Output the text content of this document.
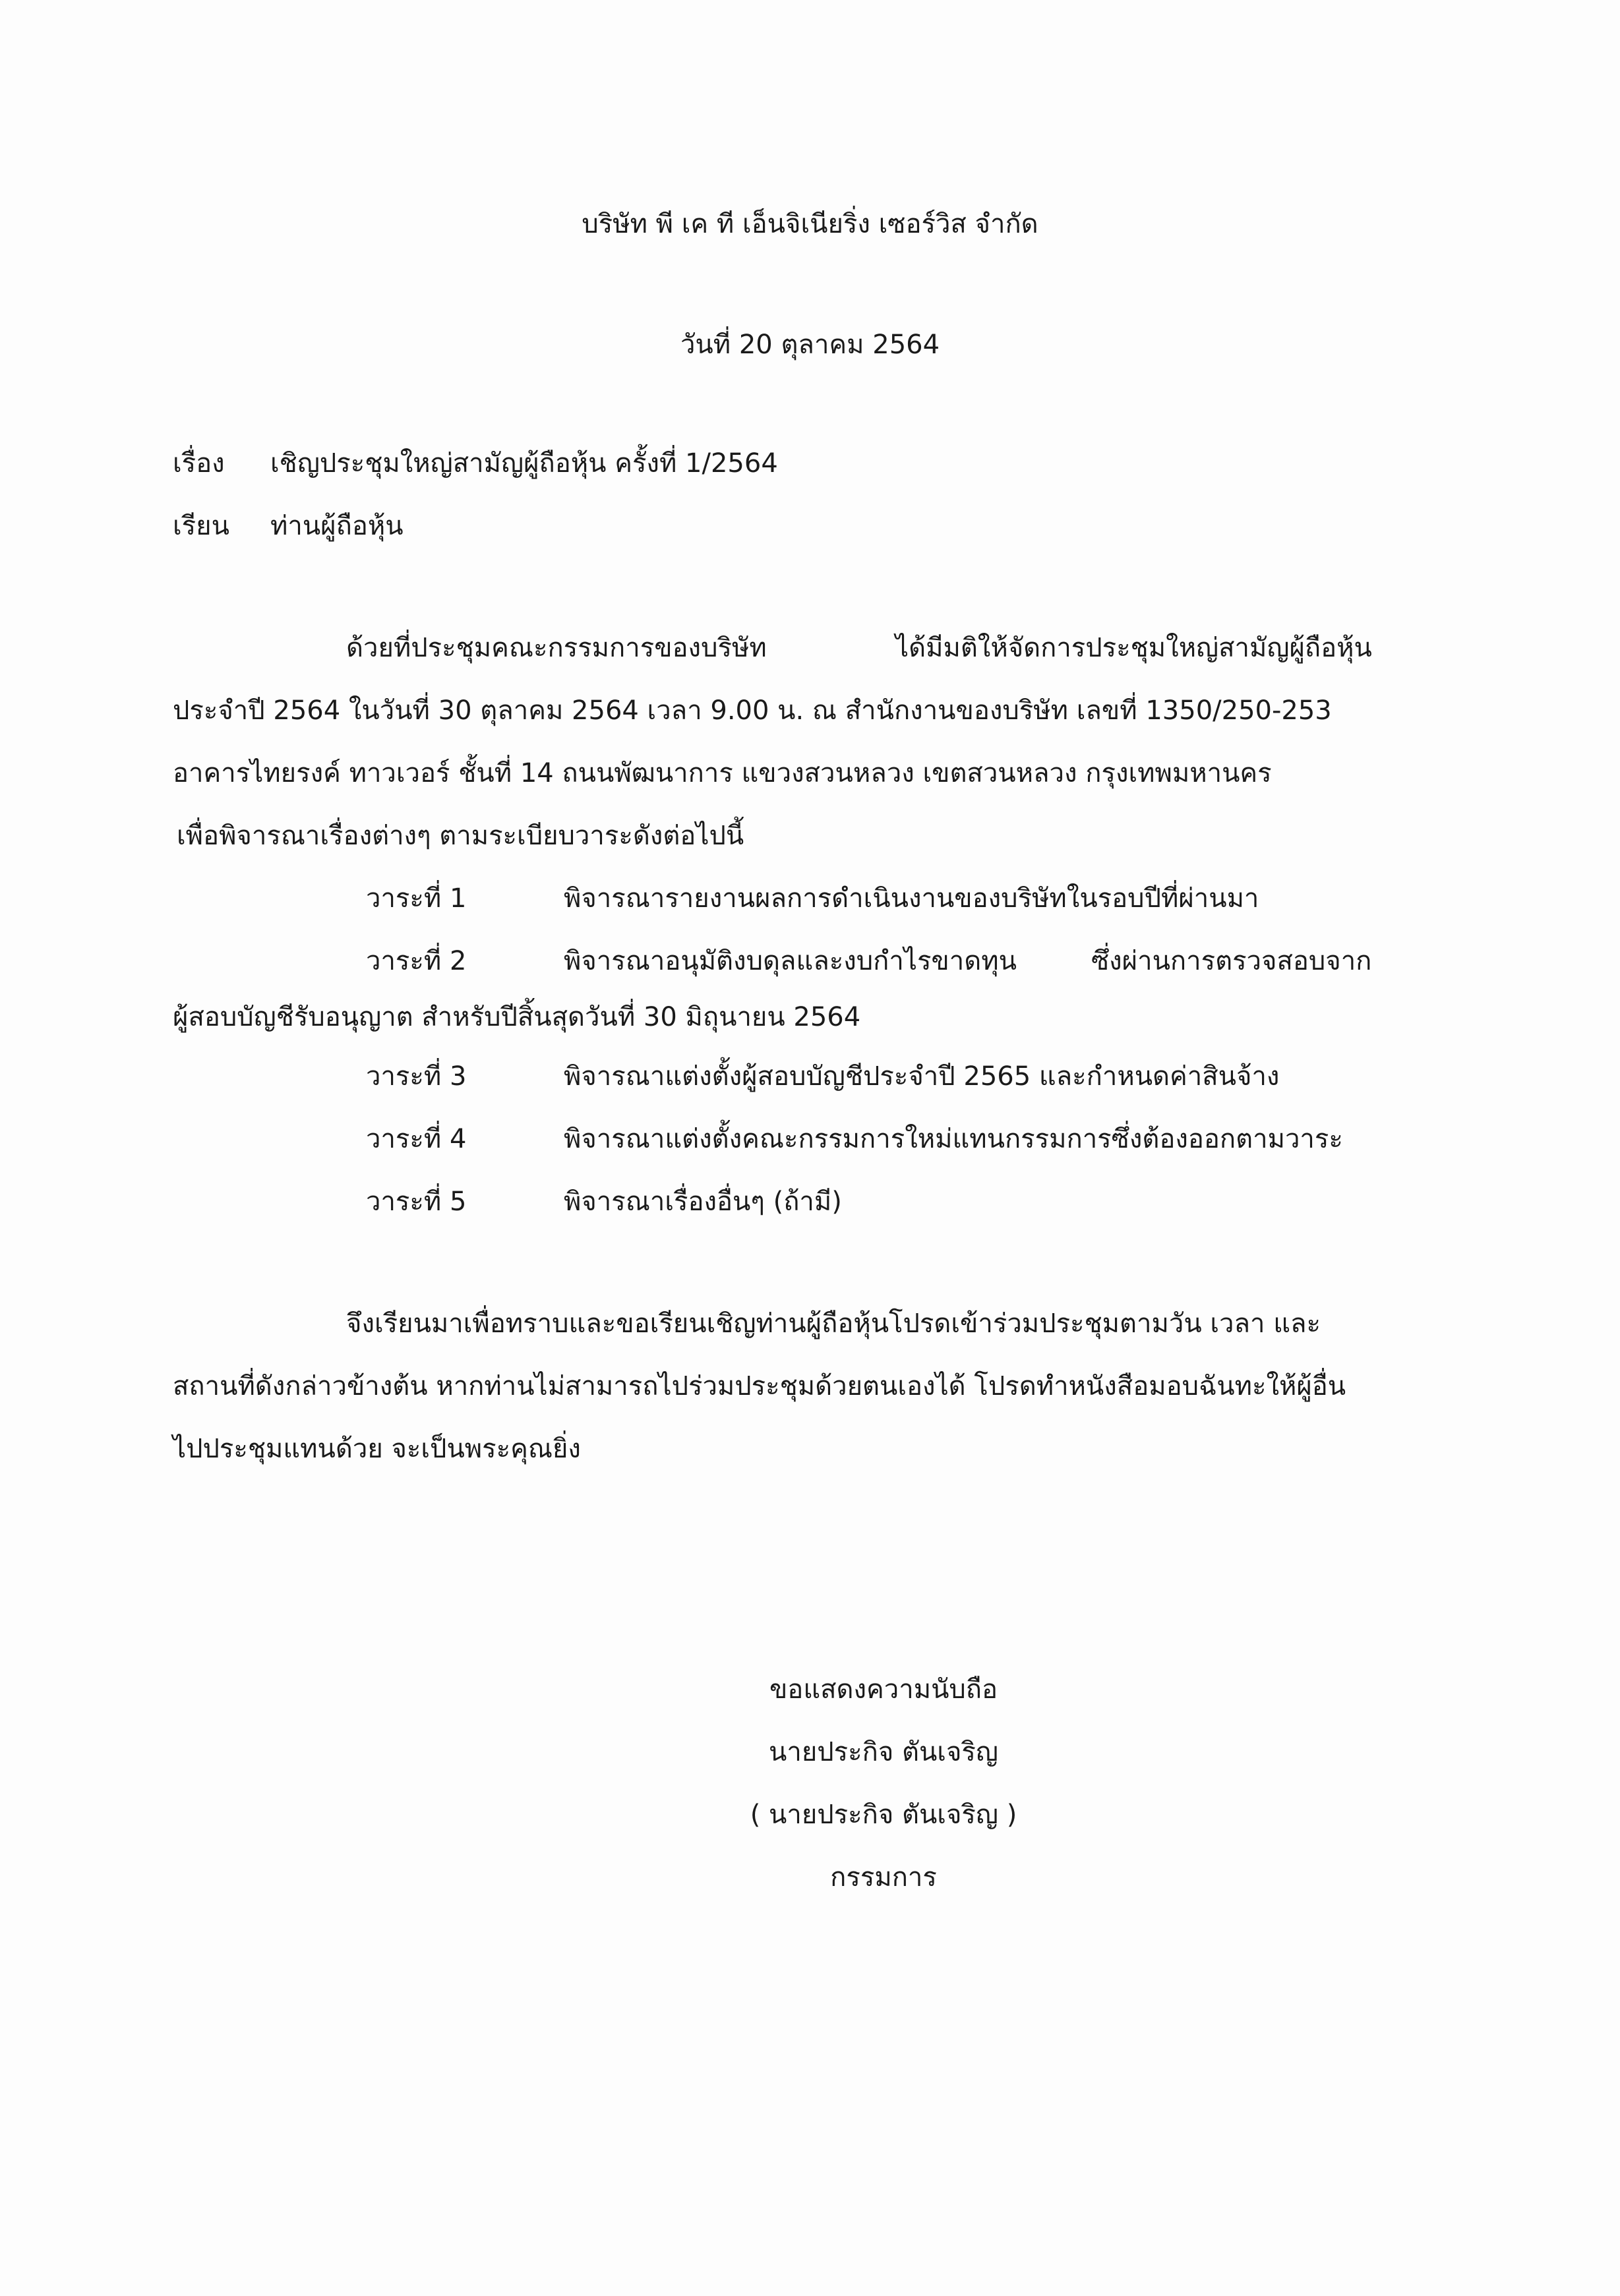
บริษัท พี เค ที เอ็นจิเนียริ่ง เซอร์วิส จำกัด
วันที่ 20 ตุลาคม 2564
เรื่อง เชิญประชุมใหญ่สามัญผู้ถือหุ้น ครั้งที่ 1/2564
เรียน ท่านผู้ถือหุ้น
ด้วยที่ประชุมคณะกรรมการของบริษัท	ได้มีมติให้จัดการประชุมใหญ่สามัญผู้ถือหุ้น
ประจำปี 2564 ในวันที่ 30 ตุลาคม 2564 เวลา 9.00 น. ณ สำนักงานของบริษัท เลขที่ 1350/250-253
อาคารไทยรงค์ ทาวเวอร์ ชั้นที่ 14 ถนนพัฒนาการ แขวงสวนหลวง เขตสวนหลวง กรุงเทพมหานคร
เพื่อพิจารณาเรื่องต่างๆ ตามระเบียบวาระดังต่อไปนี้
วาระที่ 1	พิจารณารายงานผลการดำเนินงานของบริษัทในรอบปีที่ผ่านมา
วาระที่ 2	พิจารณาอนุมัติงบดุลและงบกำไรขาดทุน	ซึ่งผ่านการตรวจสอบจาก
ผู้สอบบัญชีรับอนุญาต สำหรับปีสิ้นสุดวันที่ 30 มิถุนายน 2564
วาระที่ 3	พิจารณาแต่งตั้งผู้สอบบัญชีประจำปี 2565 และกำหนดค่าสินจ้าง
วาระที่ 4	พิจารณาแต่งตั้งคณะกรรมการใหม่แทนกรรมการซึ่งต้องออกตามวาระ
วาระที่ 5	พิจารณาเรื่องอื่นๆ (ถ้ามี)
จึงเรียนมาเพื่อทราบและขอเรียนเชิญท่านผู้ถือหุ้นโปรดเข้าร่วมประชุมตามวัน เวลา และ
สถานที่ดังกล่าวข้างต้น หากท่านไม่สามารถไปร่วมประชุมด้วยตนเองได้ โปรดทำหนังสือมอบฉันทะให้ผู้อื่น
ไปประชุมแทนด้วย จะเป็นพระคุณยิ่ง
ขอแสดงความนับถือ
นายประกิจ ตันเจริญ
( นายประกิจ ตันเจริญ )
กรรมการ
